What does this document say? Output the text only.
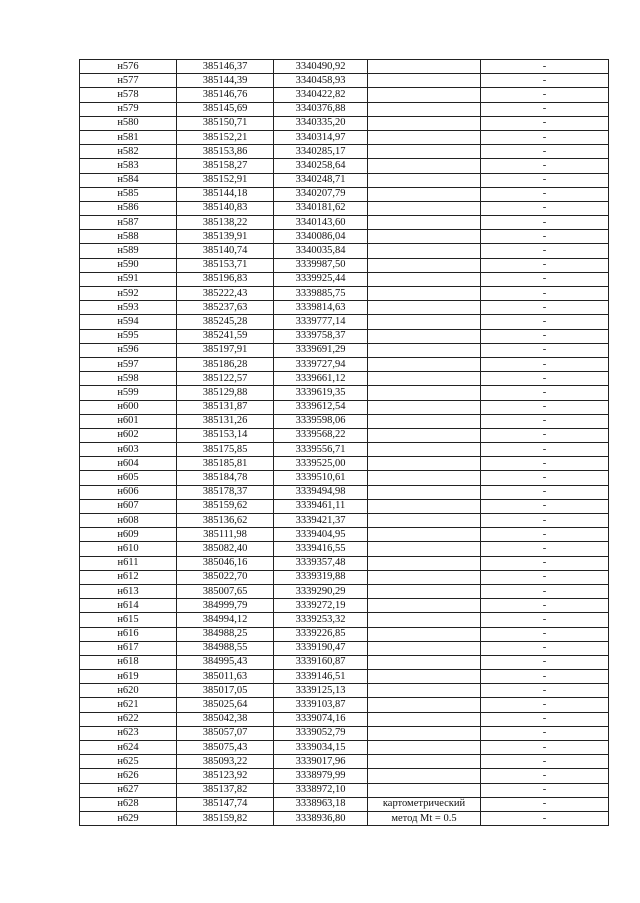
н576	385146,37	3340490,92		-
н577	385144,39	3340458,93		-
н578	385146,76	3340422,82		-
н579	385145,69	3340376,88		-
н580	385150,71	3340335,20		-
н581	385152,21	3340314,97		-
н582	385153,86	3340285,17		-
н583	385158,27	3340258,64		-
н584	385152,91	3340248,71		-
н585	385144,18	3340207,79		-
н586	385140,83	3340181,62		-
н587	385138,22	3340143,60		-
н588	385139,91	3340086,04		-
н589	385140,74	3340035,84		-
н590	385153,71	3339987,50		-
н591	385196,83	3339925,44		-
н592	385222,43	3339885,75		-
н593	385237,63	3339814,63		-
н594	385245,28	3339777,14		-
н595	385241,59	3339758,37		-
н596	385197,91	3339691,29		-
н597	385186,28	3339727,94		-
н598	385122,57	3339661,12		-
н599	385129,88	3339619,35		-
н600	385131,87	3339612,54		-
н601	385131,26	3339598,06		-
н602	385153,14	3339568,22		-
н603	385175,85	3339556,71		-
н604	385185,81	3339525,00		-
н605	385184,78	3339510,61		-
н606	385178,37	3339494,98		-
н607	385159,62	3339461,11		-
н608	385136,62	3339421,37		-
н609	385111,98	3339404,95		-
н610	385082,40	3339416,55		-
н611	385046,16	3339357,48		-
н612	385022,70	3339319,88		-
н613	385007,65	3339290,29		-
н614	384999,79	3339272,19		-
н615	384994,12	3339253,32		-
н616	384988,25	3339226,85		-
н617	384988,55	3339190,47		-
н618	384995,43	3339160,87		-
н619	385011,63	3339146,51		-
н620	385017,05	3339125,13		-
н621	385025,64	3339103,87		-
н622	385042,38	3339074,16		-
н623	385057,07	3339052,79		-
н624	385075,43	3339034,15		-
н625	385093,22	3339017,96		-
н626	385123,92	3338979,99		-
н627	385137,82	3338972,10		-
н628	385147,74	3338963,18	картометрический	-
н629	385159,82	3338936,80	метод Mt = 0.5	-
